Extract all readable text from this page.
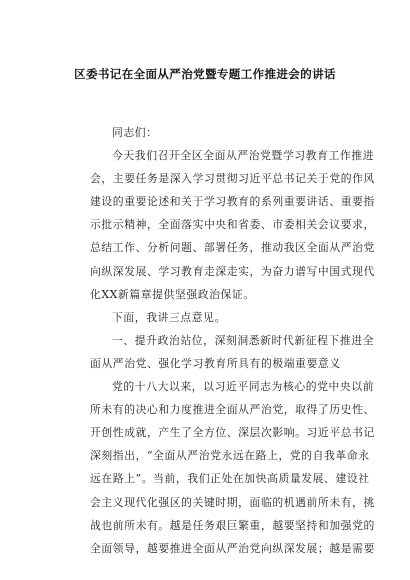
区委书记在全面从严治党暨专题工作推进会的讲话
同志们：
今天我们召开全区全面从严治党暨学习教育工作推进
会，主要任务是深入学习贯彻习近平总书记关于党的作风
建设的重要论述和关于学习教育的系列重要讲话、重要指
示批示精神，全面落实中央和省委、市委相关会议要求，
总结工作、分析问题、部署任务，推动我区全面从严治党
向纵深发展、学习教育走深走实，为奋力谱写中国式现代
化XX新篇章提供坚强政治保证。
下面，我讲三点意见。
一、提升政治站位，深刻洞悉新时代新征程下推进全
面从严治党、强化学习教育所具有的极端重要意义
党的十八大以来，以习近平同志为核心的党中央以前
所未有的决心和力度推进全面从严治党，取得了历史性、
开创性成就，产生了全方位、深层次影响。习近平总书记
深刻指出，“全面从严治党永远在路上，党的自我革命永
远在路上”。当前，我们正处在加快高质量发展、建设社
会主义现代化强区的关键时期，面临的机遇前所未有，挑
战也前所未有。越是任务艰巨繁重，越要坚持和加强党的
全面领导，越要推进全面从严治党向纵深发展；越是需要
